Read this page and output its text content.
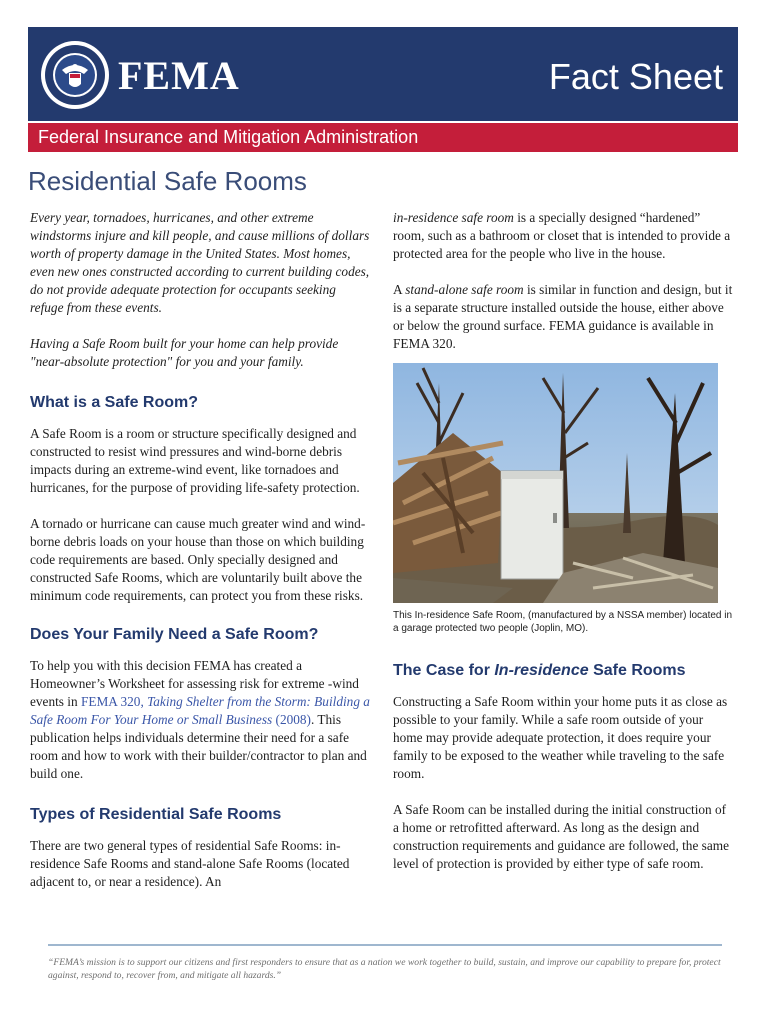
FEMA	Fact Sheet
Federal Insurance and Mitigation Administration
Residential Safe Rooms

Every year, tornadoes, hurricanes, and other extreme windstorms injure and kill people, and cause millions of dollars worth of property damage in the United States. Most homes, even new ones constructed according to current building codes, do not provide adequate protection for occupants seeking refuge from these events.

Having a Safe Room built for your home can help provide "near-absolute protection" for you and your family.

What is a Safe Room?

A Safe Room is a room or structure specifically designed and constructed to resist wind pressures and wind-borne debris impacts during an extreme-wind event, like tornadoes and hurricanes, for the purpose of providing life-safety protection.

A tornado or hurricane can cause much greater wind and wind-borne debris loads on your house than those on which building code requirements are based. Only specially designed and constructed Safe Rooms, which are voluntarily built above the minimum code requirements, can protect you from these risks.

Does Your Family Need a Safe Room?

To help you with this decision FEMA has created a Homeowner’s Worksheet for assessing risk for extreme -wind events in FEMA 320, Taking Shelter from the Storm: Building a Safe Room For Your Home or Small Business (2008). This publication helps individuals determine their need for a safe room and how to work with their builder/contractor to plan and build one.

Types of Residential Safe Rooms

There are two general types of residential Safe Rooms: in-residence Safe Rooms and stand-alone Safe Rooms (located adjacent to, or near a residence). An

in-residence safe room is a specially designed “hardened” room, such as a bathroom or closet that is intended to provide a protected area for the people who live in the house.

A stand-alone safe room is similar in function and design, but it is a separate structure installed outside the house, either above or below the ground surface. FEMA guidance is available in FEMA 320.

This In-residence Safe Room, (manufactured by a NSSA member) located in a garage protected two people (Joplin, MO).

The Case for In-residence Safe Rooms

Constructing a Safe Room within your home puts it as close as possible to your family. While a safe room outside of your home may provide adequate protection, it does require your family to be exposed to the weather while traveling to the safe room.

A Safe Room can be installed during the initial construction of a home or retrofitted afterward. As long as the design and construction requirements and guidance are followed, the same level of protection is provided by either type of safe room.

“FEMA’s mission is to support our citizens and first responders to ensure that as a nation we work together to build, sustain, and improve our capability to prepare for, protect against, respond to, recover from, and mitigate all hazards.”
